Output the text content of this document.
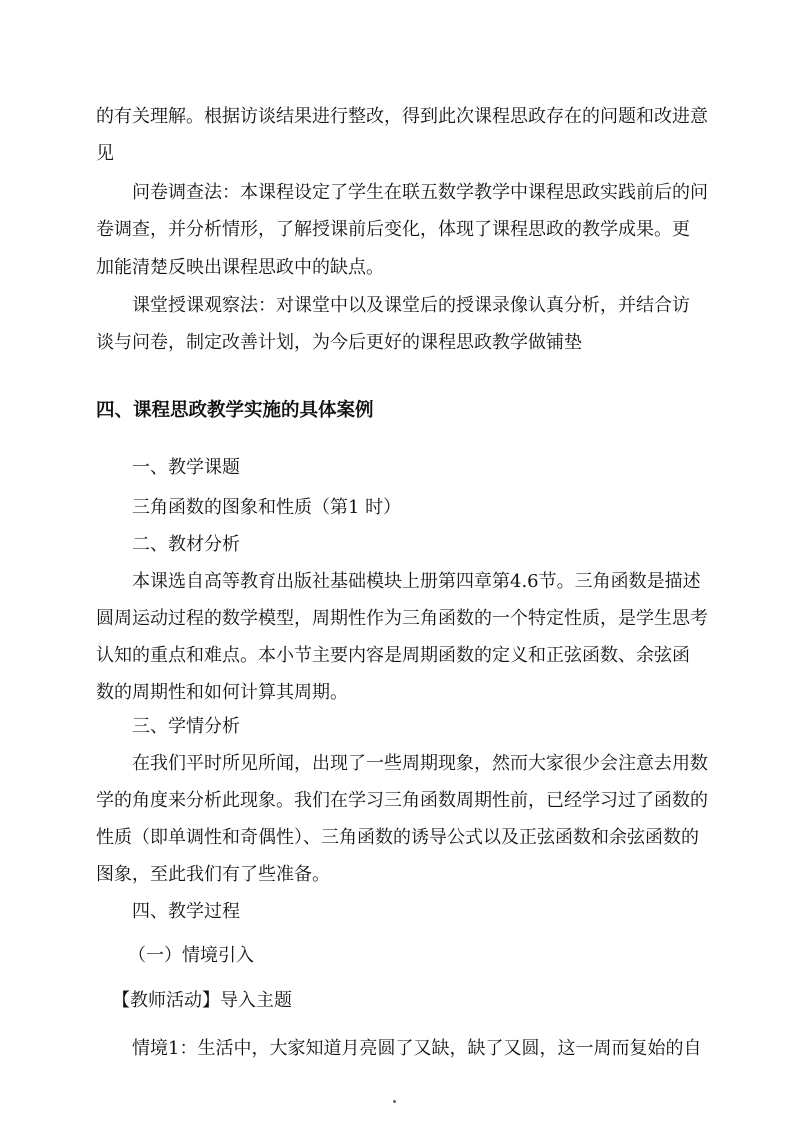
的有关理解。根据访谈结果进行整改，得到此次课程思政存在的问题和改进意
见
问卷调查法：本课程设定了学生在联五数学教学中课程思政实践前后的问
卷调查，并分析情形，了解授课前后变化，体现了课程思政的教学成果。更
加能清楚反映出课程思政中的缺点。
课堂授课观察法：对课堂中以及课堂后的授课录像认真分析，并结合访
谈与问卷，制定改善计划，为今后更好的课程思政教学做铺垫
四、课程思政教学实施的具体案例
一、教学课题
三角函数的图象和性质（第1 时）
二、教材分析
本课选自高等教育出版社基础模块上册第四章第4.6节。三角函数是描述
圆周运动过程的数学模型，周期性作为三角函数的一个特定性质，是学生思考
认知的重点和难点。本小节主要内容是周期函数的定义和正弦函数、余弦函
数的周期性和如何计算其周期。
三、学情分析
在我们平时所见所闻，出现了一些周期现象，然而大家很少会注意去用数
学的角度来分析此现象。我们在学习三角函数周期性前，已经学习过了函数的
性质（即单调性和奇偶性）、三角函数的诱导公式以及正弦函数和余弦函数的
图象，至此我们有了些准备。
四、教学过程
（一）情境引入
【教师活动】导入主题
情境1：生活中，大家知道月亮圆了又缺，缺了又圆，这一周而复始的自
